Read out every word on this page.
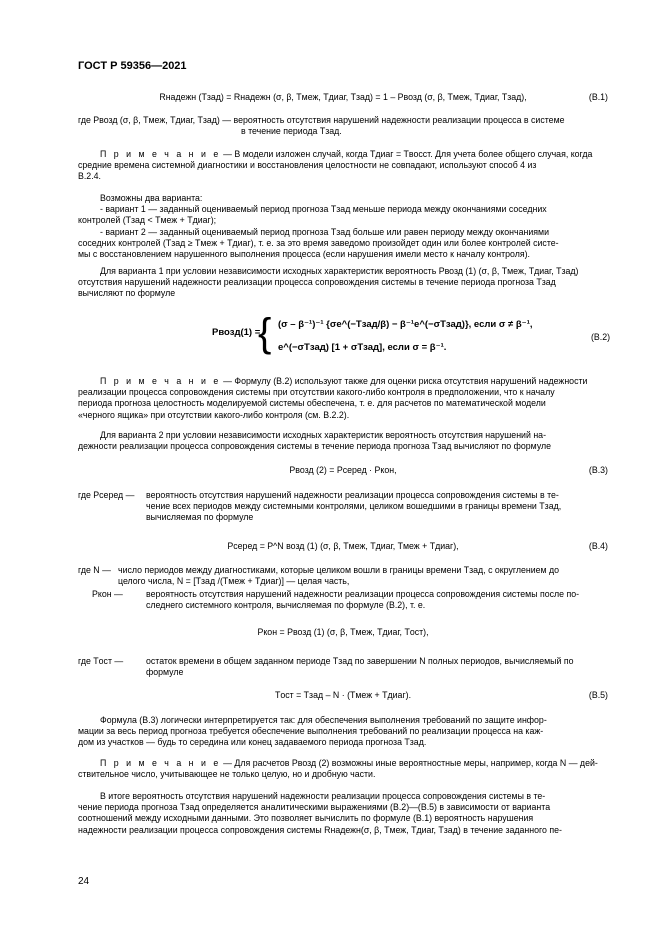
ГОСТ Р 59356—2021
Rнадежн (Tзад) = Rнадежн (σ, β, Tмеж, Tдиаг, Tзад) = 1 – Pвозд (σ, β, Tмеж, Tдиаг, Tзад),	(В.1)

где Pвозд (σ, β, Tмеж, Tдиаг, Tзад) — вероятность отсутствия нарушений надежности реализации процесса в системе

в течение периода Tзад.

П р и м е ч а н и е — В модели изложен случай, когда Tдиаг = Tвосст. Для учета более общего случая, когда

средние времена системной диагностики и восстановления целостности не совпадают, используют способ 4 из

В.2.4.

Возможны два варианта:

- вариант 1 — заданный оцениваемый период прогноза Tзад меньше периода между окончаниями соседних

контролей (Tзад < Tмеж + Tдиаг);

- вариант 2 — заданный оцениваемый период прогноза Tзад больше или равен периоду между окончаниями

соседних контролей (Tзад ≥ Tмеж + Tдиаг), т. е. за это время заведомо произойдет один или более контролей систе-

мы с восстановлением нарушенного выполнения процесса (если нарушения имели место к началу контроля).

Для варианта 1 при условии независимости исходных характеристик вероятность Pвозд (1) (σ, β, Tмеж, Tдиаг, Tзад)

отсутствия нарушений надежности реализации процесса сопровождения системы в течение периода прогноза Tзад

вычисляют по формуле

Pвозд(1) =
{ (σ – β⁻¹)⁻¹ {σe^(−Tзад/β) − β⁻¹e^(−σTзад)}, если σ ≠ β⁻¹,
e^(−σTзад) [1 + σTзад], если σ = β⁻¹.
(В.2)

П р и м е ч а н и е — Формулу (В.2) используют также для оценки риска отсутствия нарушений надежности

реализации процесса сопровождения системы при отсутствии какого-либо контроля в предположении, что к началу

периода прогноза целостность моделируемой системы обеспечена, т. е. для расчетов по математической модели

«черного ящика» при отсутствии какого-либо контроля (см. В.2.2).

Для варианта 2 при условии независимости исходных характеристик вероятность отсутствия нарушений на-

дежности реализации процесса сопровождения системы в течение периода прогноза Tзад вычисляют по формуле

Pвозд (2) = Pсеред · Pкон,	(В.3)
где Pсеред — вероятность отсутствия нарушений надежности реализации процесса сопровождения системы в те-

чение всех периодов между системными контролями, целиком вошедшими в границы времени Tзад,

вычисляемая по формуле

Pсеред = P^N возд (1) (σ, β, Tмеж, Tдиаг, Tмеж + Tдиаг),	(В.4)
где N — число периодов между диагностиками, которые целиком вошли в границы времени Tзад, с округлением до

целого числа, N = [Tзад /(Tмеж + Tдиаг)] — целая часть,

Pкон —	вероятность отсутствия нарушений надежности реализации процесса сопровождения системы после по-

следнего системного контроля, вычисляемая по формуле (В.2), т. е.

Pкон = Pвозд (1) (σ, β, Tмеж, Tдиаг, Tост),
где Tост —	остаток времени в общем заданном периоде Tзад по завершении N полных периодов, вычисляемый по

формуле

Tост = Tзад – N · (Tмеж + Tдиаг).	(В.5)

Формула (В.3) логически интерпретируется так: для обеспечения выполнения требований по защите инфор-

мации за весь период прогноза требуется обеспечение выполнения требований по реализации процесса на каж-

дом из участков — будь то середина или конец задаваемого периода прогноза Tзад.

П р и м е ч а н и е — Для расчетов Pвозд (2) возможны иные вероятностные меры, например, когда N — дей-

ствительное число, учитывающее не только целую, но и дробную части.

В итоге вероятность отсутствия нарушений надежности реализации процесса сопровождения системы в те-

чение периода прогноза Tзад определяется аналитическими выражениями (В.2)—(В.5) в зависимости от варианта

соотношений между исходными данными. Это позволяет вычислить по формуле (В.1) вероятность нарушения

надежности реализации процесса сопровождения системы Rнадежн(σ, β, Tмеж, Tдиаг, Tзад) в течение заданного пе-

24
